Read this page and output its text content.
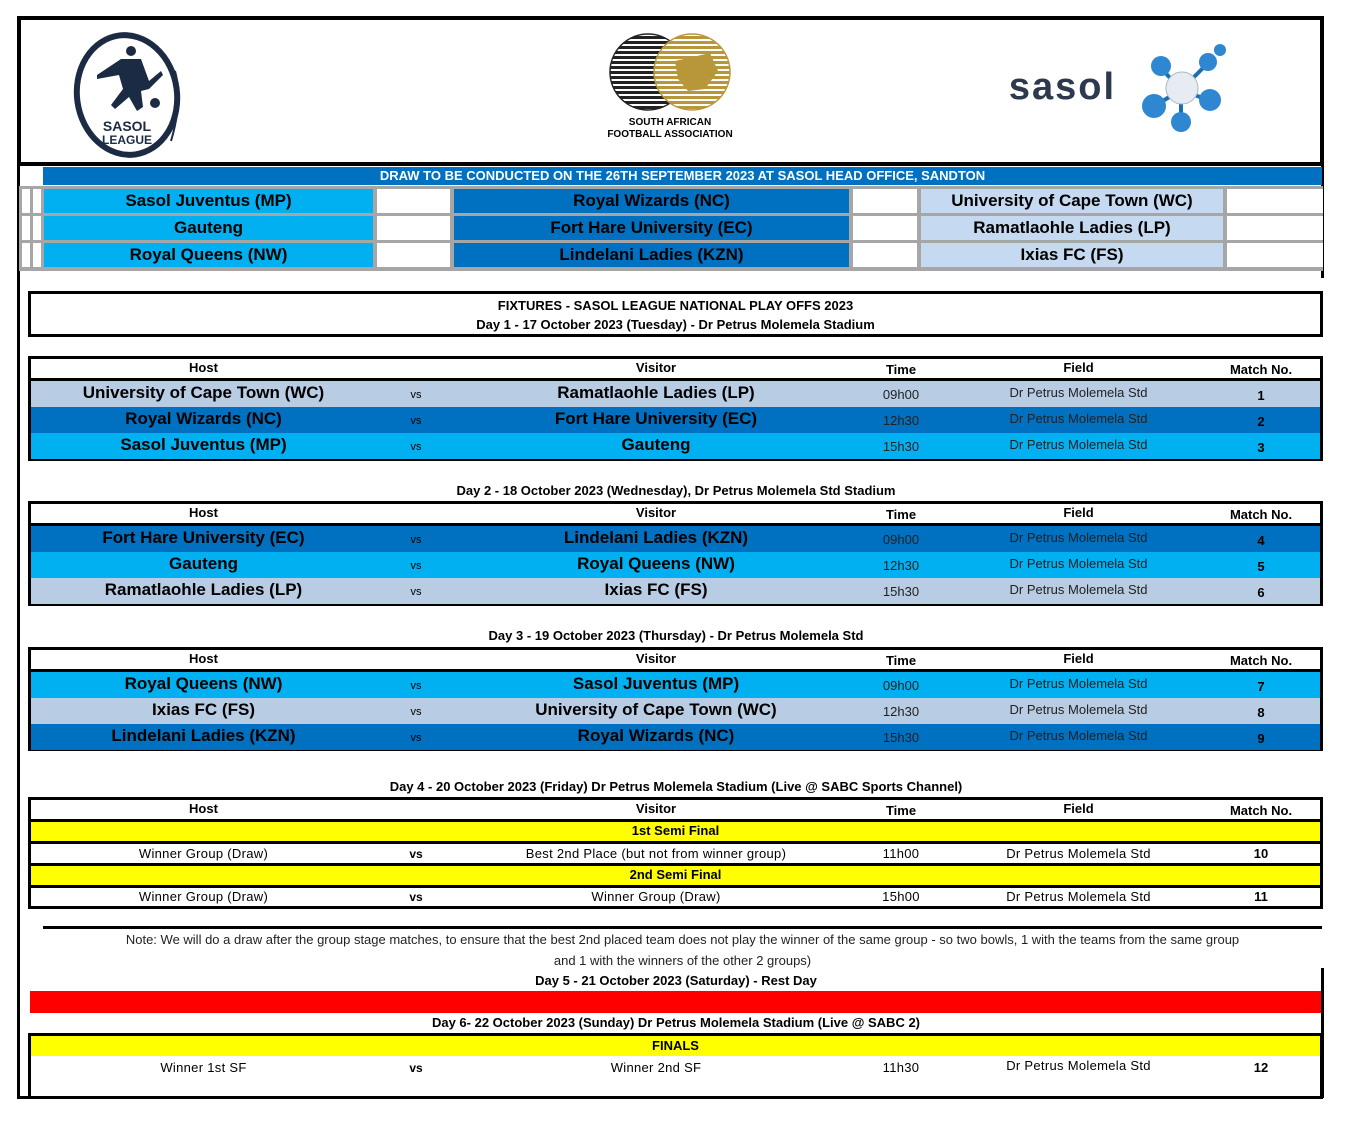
SASOL
LEAGUE
SOUTH AFRICAN
FOOTBALL ASSOCIATION
sasol
DRAW TO BE CONDUCTED ON THE 26TH SEPTEMBER 2023 AT SASOL HEAD OFFICE, SANDTON
Sasol Juventus (MP)	Royal Wizards (NC)	University of Cape Town (WC)
Gauteng	Fort Hare University (EC)	Ramatlaohle Ladies (LP)
Royal Queens (NW)	Lindelani Ladies (KZN)	Ixias FC (FS)
FIXTURES - SASOL LEAGUE NATIONAL PLAY OFFS 2023
Day 1 - 17 October 2023 (Tuesday) - Dr Petrus Molemela Stadium
Host	Visitor	Time	Field	Match No.
University of Cape Town (WC)	vs	Ramatlaohle Ladies (LP)	09h00	Dr Petrus Molemela Std	1
Royal Wizards (NC)	vs	Fort Hare University (EC)	12h30	Dr Petrus Molemela Std	2
Sasol Juventus (MP)	vs	Gauteng	15h30	Dr Petrus Molemela Std	3
Day 2 - 18 October 2023 (Wednesday), Dr Petrus Molemela Std Stadium
Host	Visitor	Time	Field	Match No.
Fort Hare University (EC)	vs	Lindelani Ladies (KZN)	09h00	Dr Petrus Molemela Std	4
Gauteng	vs	Royal Queens (NW)	12h30	Dr Petrus Molemela Std	5
Ramatlaohle Ladies (LP)	vs	Ixias FC (FS)	15h30	Dr Petrus Molemela Std	6
Day 3 - 19 October 2023 (Thursday) - Dr Petrus Molemela Std
Host	Visitor	Time	Field	Match No.
Royal Queens (NW)	vs	Sasol Juventus (MP)	09h00	Dr Petrus Molemela Std	7
Ixias FC (FS)	vs	University of Cape Town (WC)	12h30	Dr Petrus Molemela Std	8
Lindelani Ladies (KZN)	vs	Royal Wizards (NC)	15h30	Dr Petrus Molemela Std	9
Day 4 - 20 October 2023 (Friday) Dr Petrus Molemela Stadium (Live @ SABC Sports Channel)
Host	Visitor	Time	Field	Match No.
1st Semi Final
Winner Group (Draw)	vs	Best 2nd Place (but not from winner group)	11h00	Dr Petrus Molemela Std	10
2nd Semi Final
Winner Group (Draw)	vs	Winner Group (Draw)	15h00	Dr Petrus Molemela Std	11
Note: We will do a draw after the group stage matches, to ensure that the best 2nd placed team does not play the winner of the same group - so two bowls, 1 with the teams from the same group
and 1 with the winners of the other 2 groups)
Day 5 - 21 October 2023 (Saturday) - Rest Day
Day 6- 22 October 2023 (Sunday) Dr Petrus Molemela Stadium (Live @ SABC 2)
FINALS
Winner 1st SF	vs	Winner 2nd SF	11h30	Dr Petrus Molemela Std	12
